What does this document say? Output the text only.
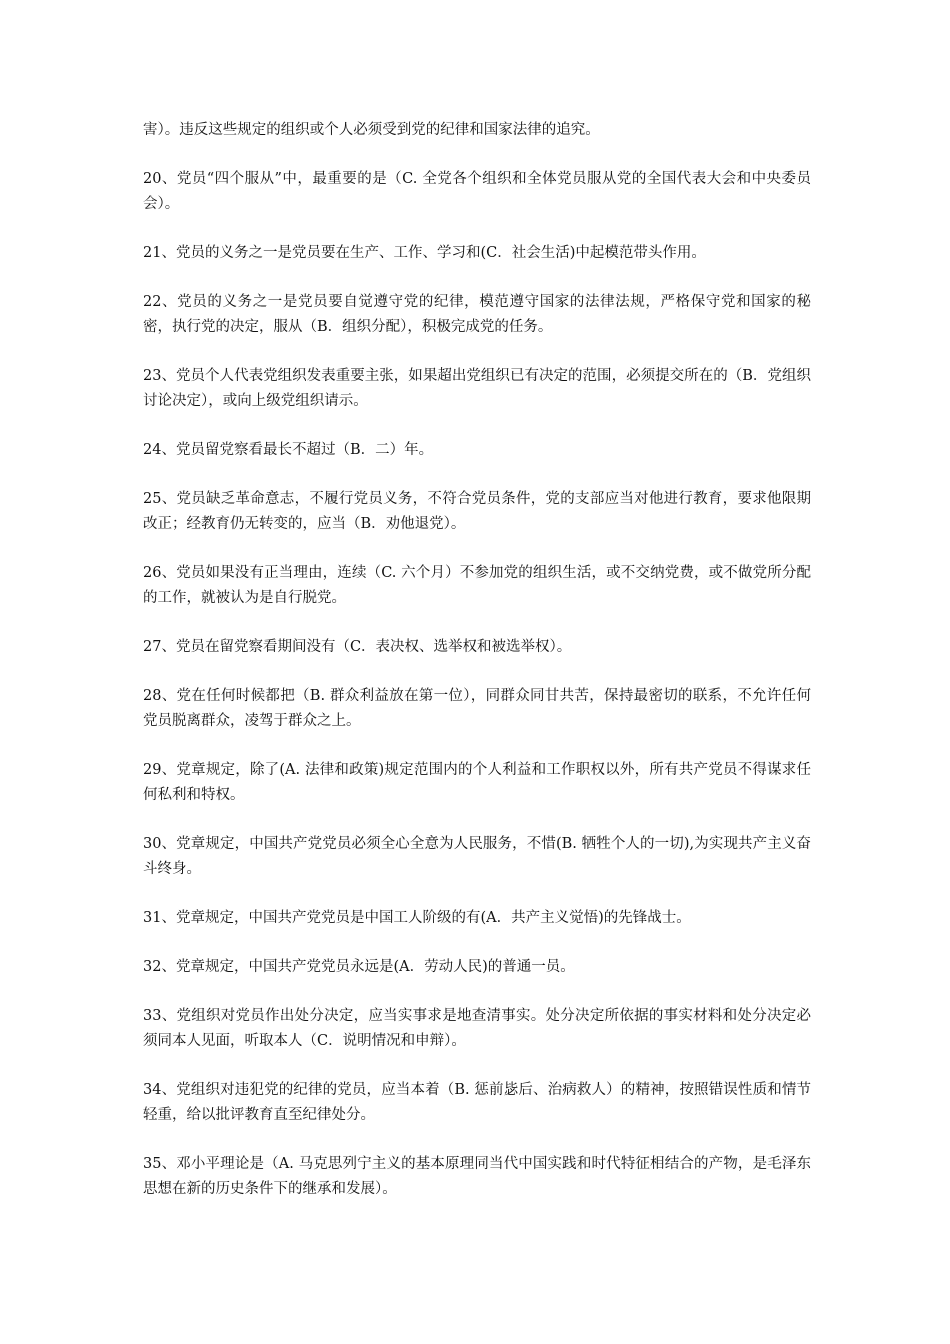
害）。违反这些规定的组织或个人必须受到党的纪律和国家法律的追究。

20、党员“四个服从”中，最重要的是（C. 全党各个组织和全体党员服从党的全国代表大会和中央委员会）。

21、党员的义务之一是党员要在生产、工作、学习和(C．社会生活)中起模范带头作用。

22、党员的义务之一是党员要自觉遵守党的纪律，模范遵守国家的法律法规，严格保守党和国家的秘密，执行党的决定，服从（B．组织分配），积极完成党的任务。

23、党员个人代表党组织发表重要主张，如果超出党组织已有决定的范围，必须提交所在的（B．党组织讨论决定），或向上级党组织请示。

24、党员留党察看最长不超过（B．二）年。

25、党员缺乏革命意志，不履行党员义务，不符合党员条件，党的支部应当对他进行教育，要求他限期改正；经教育仍无转变的，应当（B．劝他退党）。

26、党员如果没有正当理由，连续（C. 六个月）不参加党的组织生活，或不交纳党费，或不做党所分配的工作，就被认为是自行脱党。

27、党员在留党察看期间没有（C．表决权、选举权和被选举权）。

28、党在任何时候都把（B. 群众利益放在第一位），同群众同甘共苦，保持最密切的联系，不允许任何党员脱离群众，凌驾于群众之上。

29、党章规定，除了(A. 法律和政策)规定范围内的个人利益和工作职权以外，所有共产党员不得谋求任何私利和特权。

30、党章规定，中国共产党党员必须全心全意为人民服务，不惜(B. 牺牲个人的一切),为实现共产主义奋斗终身。

31、党章规定，中国共产党党员是中国工人阶级的有(A．共产主义觉悟)的先锋战士。

32、党章规定，中国共产党党员永远是(A．劳动人民)的普通一员。

33、党组织对党员作出处分决定，应当实事求是地查清事实。处分决定所依据的事实材料和处分决定必须同本人见面，听取本人（C．说明情况和申辩）。

34、党组织对违犯党的纪律的党员，应当本着（B. 惩前毖后、治病救人）的精神，按照错误性质和情节轻重，给以批评教育直至纪律处分。

35、邓小平理论是（A. 马克思列宁主义的基本原理同当代中国实践和时代特征相结合的产物，是毛泽东思想在新的历史条件下的继承和发展）。
